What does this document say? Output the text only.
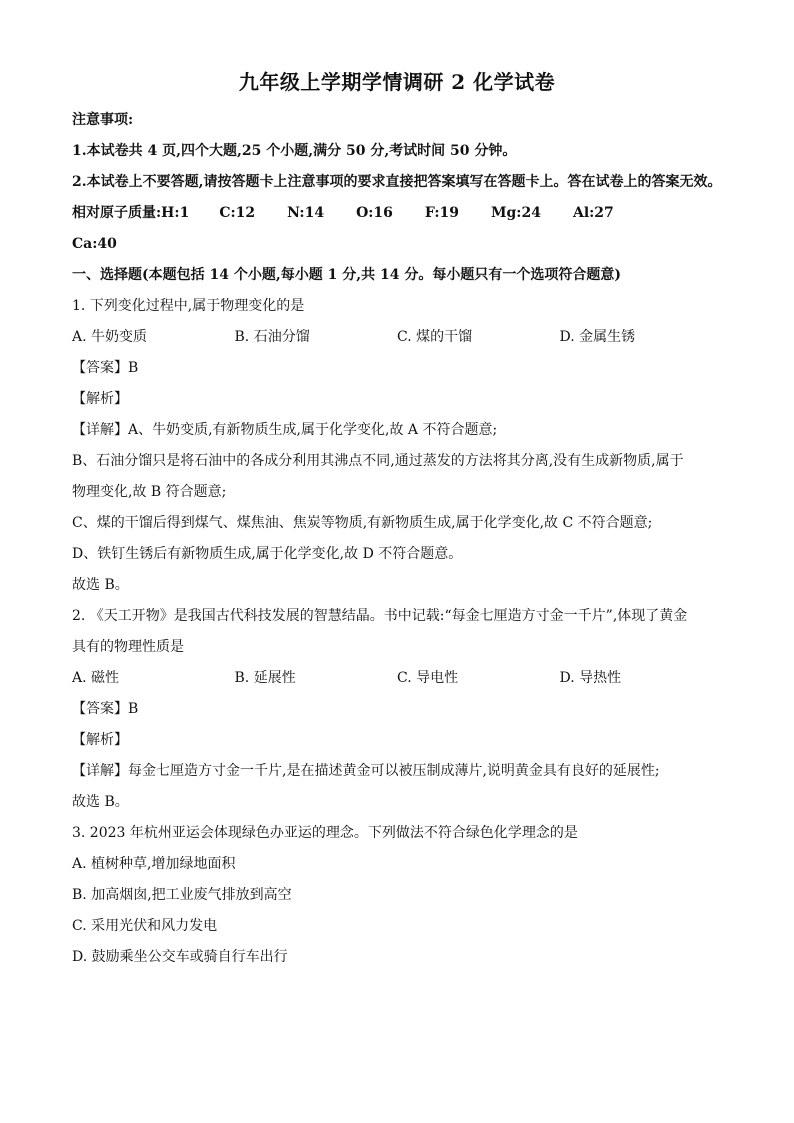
九年级上学期学情调研 2 化学试卷
注意事项:
1.本试卷共 4 页,四个大题,25 个小题,满分 50 分,考试时间 50 分钟。

2.本试卷上不要答题,请按答题卡上注意事项的要求直接把答案填写在答题卡上。答在试卷上的答案无效。

相对原子质量:H:1 C:12 N:14 O:16 F:19 Mg:24 Al:27
Ca:40
一、选择题(本题包括 14 个小题,每小题 1 分,共 14 分。每小题只有一个选项符合题意)
1. 下列变化过程中,属于物理变化的是
A. 牛奶变质	B. 石油分馏	C. 煤的干馏	D. 金属生锈
【答案】B
【解析】
【详解】A、牛奶变质,有新物质生成,属于化学变化,故 A 不符合题意;
B、石油分馏只是将石油中的各成分利用其沸点不同,通过蒸发的方法将其分离,没有生成新物质,属于
物理变化,故 B 符合题意;
C、煤的干馏后得到煤气、煤焦油、焦炭等物质,有新物质生成,属于化学变化,故 C 不符合题意;
D、铁钉生锈后有新物质生成,属于化学变化,故 D 不符合题意。
故选 B。
2. 《天工开物》是我国古代科技发展的智慧结晶。书中记载:“每金七厘造方寸金一千片”,体现了黄金
具有的物理性质是
A. 磁性	B. 延展性	C. 导电性	D. 导热性
【答案】B
【解析】
【详解】每金七厘造方寸金一千片,是在描述黄金可以被压制成薄片,说明黄金具有良好的延展性;
故选 B。
3. 2023 年杭州亚运会体现绿色办亚运的理念。下列做法不符合绿色化学理念的是
A. 植树种草,增加绿地面积
B. 加高烟囱,把工业废气排放到高空
C. 采用光伏和风力发电
D. 鼓励乘坐公交车或骑自行车出行
